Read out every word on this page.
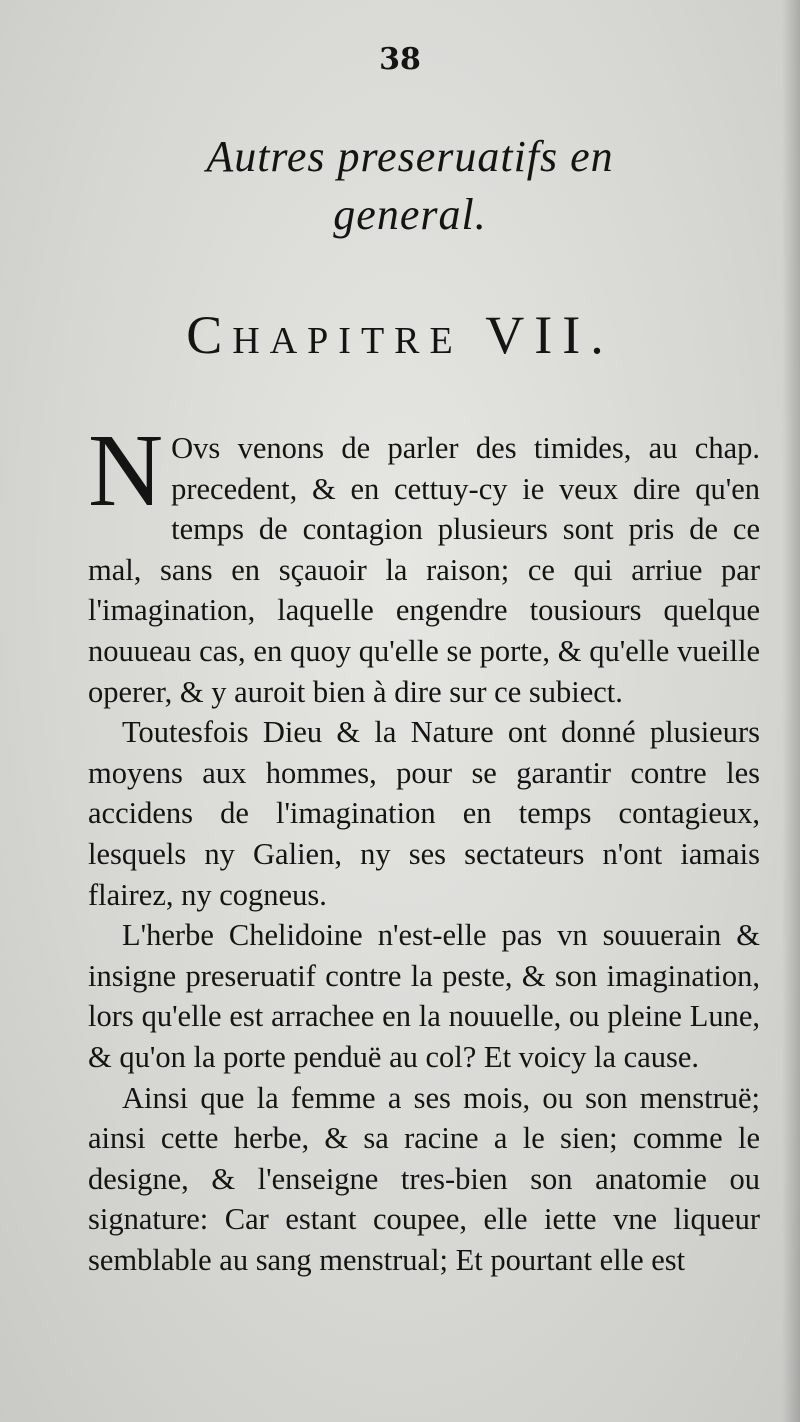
38
Autres preseruatifs en general.
Chapitre VII.

N Ovs venons de parler des timides, au chap. precedent, & en cettuy-cy ie veux dire qu'en temps de contagion plusieurs sont pris de ce mal, sans en sçauoir la raison; ce qui arriue par l'imagination, laquelle engendre tousiours quelque nouueau cas, en quoy qu'elle se porte, & qu'elle vueille operer, & y auroit bien à dire sur ce subiect.

Toutesfois Dieu & la Nature ont donné plusieurs moyens aux hommes, pour se garantir contre les accidens de l'imagination en temps contagieux, lesquels ny Galien, ny ses sectateurs n'ont iamais flairez, ny cogneus.

L'herbe Chelidoine n'est-elle pas vn souuerain & insigne preseruatif contre la peste, & son imagination, lors qu'elle est arrachee en la nouuelle, ou pleine Lune, & qu'on la porte penduë au col? Et voicy la cause.

Ainsi que la femme a ses mois, ou son menstruë; ainsi cette herbe, & sa racine a le sien; comme le designe, & l'enseigne tres-bien son anatomie ou signature: Car estant coupee, elle iette vne liqueur semblable au sang menstrual; Et pourtant elle est
